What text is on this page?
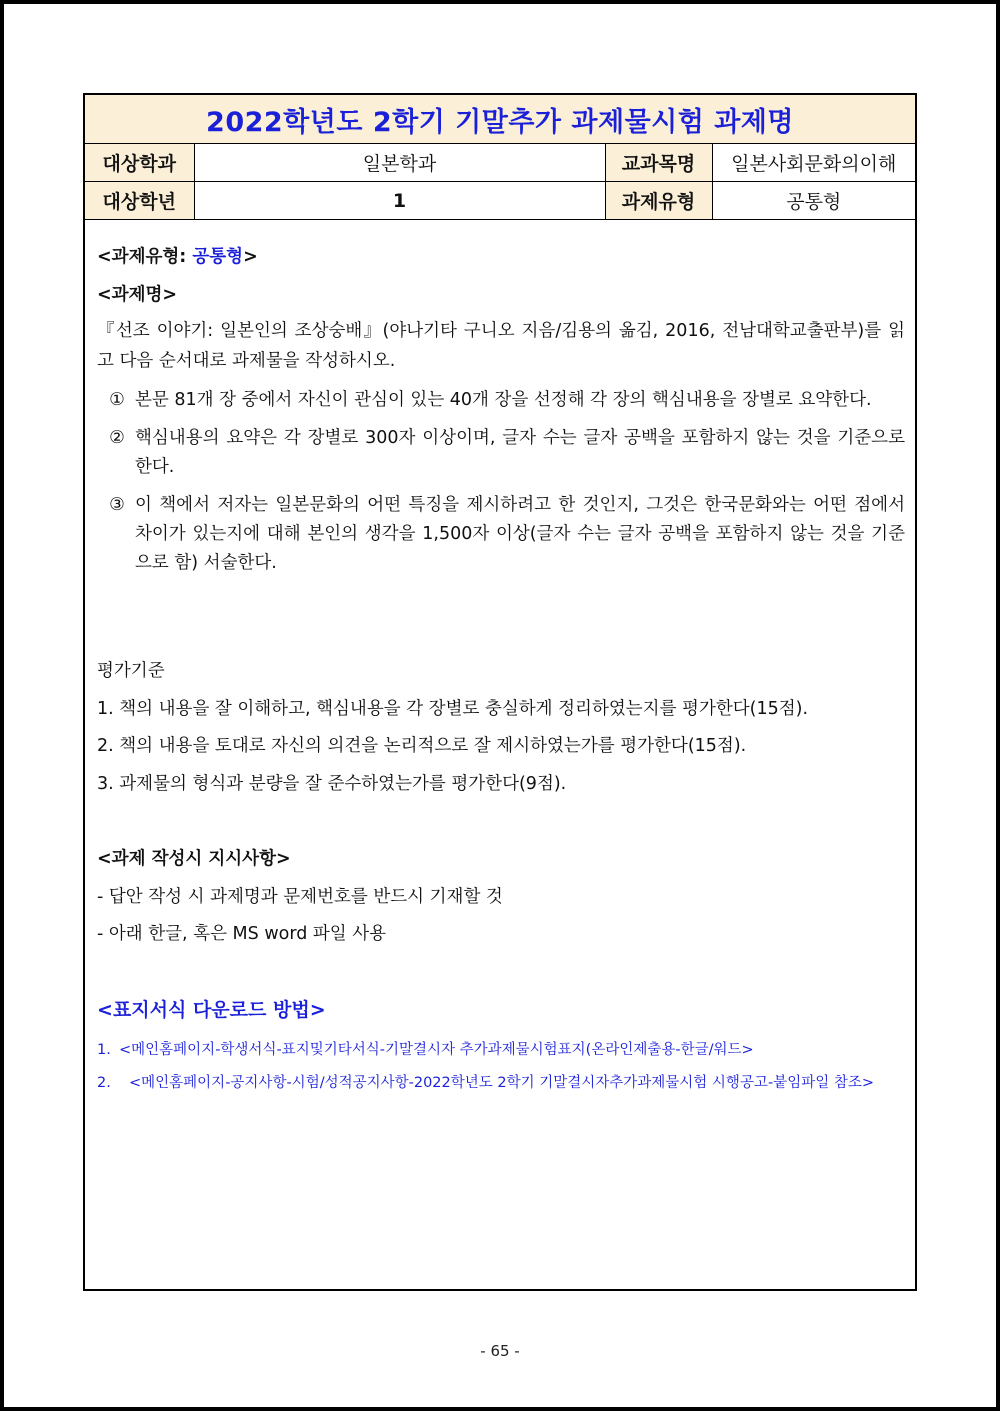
2022학년도 2학기 기말추가 과제물시험 과제명
대상학과	일본학과	교과목명	일본사회문화의이해
대상학년	1	과제유형	공통형
<과제유형: 공통형>
<과제명>
『선조 이야기: 일본인의 조상숭배』(야나기타 구니오 지음/김용의 옮김, 2016, 전남대학교출판부)를 읽고 다음 순서대로 과제물을 작성하시오.
① 본문 81개 장 중에서 자신이 관심이 있는 40개 장을 선정해 각 장의 핵심내용을 장별로 요약한다.
② 핵심내용의 요약은 각 장별로 300자 이상이며, 글자 수는 글자 공백을 포함하지 않는 것을 기준으로 한다.
③ 이 책에서 저자는 일본문화의 어떤 특징을 제시하려고 한 것인지, 그것은 한국문화와는 어떤 점에서 차이가 있는지에 대해 본인의 생각을 1,500자 이상(글자 수는 글자 공백을 포함하지 않는 것을 기준으로 함) 서술한다.
평가기준
1. 책의 내용을 잘 이해하고, 핵심내용을 각 장별로 충실하게 정리하였는지를 평가한다(15점).
2. 책의 내용을 토대로 자신의 의견을 논리적으로 잘 제시하였는가를 평가한다(15점).
3. 과제물의 형식과 분량을 잘 준수하였는가를 평가한다(9점).
<과제 작성시 지시사항>
- 답안 작성 시 과제명과 문제번호를 반드시 기재할 것
- 아래 한글, 혹은 MS word 파일 사용
<표지서식 다운로드 방법>
1. <메인홈페이지-학생서식-표지및기타서식-기말결시자 추가과제물시험표지(온라인제출용-한글/워드>
2.	<메인홈페이지-공지사항-시험/성적공지사항-2022학년도 2학기 기말결시자추가과제물시험 시행공고-붙임파일 참조>
- 65 -
